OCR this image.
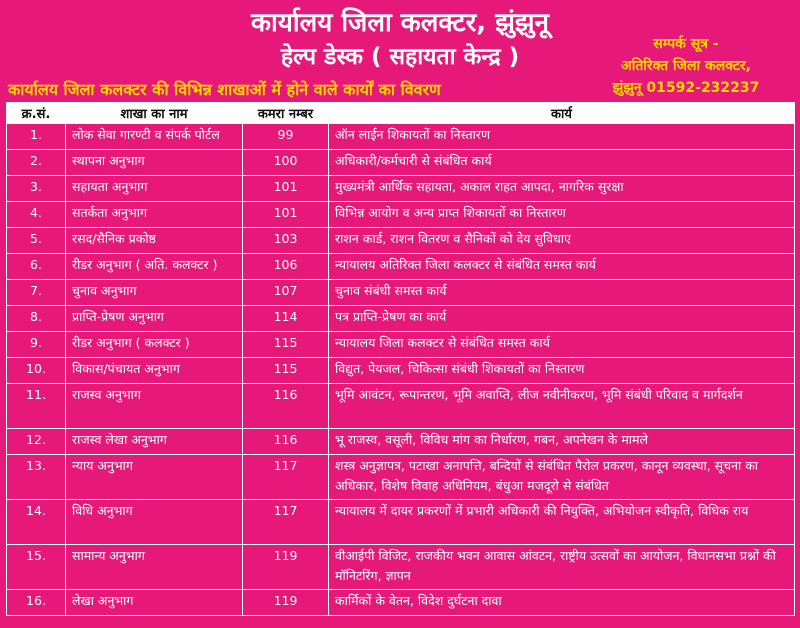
कार्यालय जिला कलक्टर, झुंझुनू
हेल्प डेस्क ( सहायता केन्द्र )	सम्पर्क सूत्र -
अतिरिक्त जिला कलक्टर,
झुंझुनू 01592-232237
कार्यालय जिला कलक्टर की विभिन्न शाखाओं में होने वाले कार्यों का विवरण
क्र.सं.	शाखा का नाम	कमरा नम्बर	कार्य
1.	लोक सेवा गारण्टी व संपर्क पोर्टल	99	ऑन लाईन शिकायतों का निस्तारण
2.	स्थापना अनुभाग	100	अधिकारी/कर्मचारी से संबंधित कार्य
3.	सहायता अनुभाग	101	मुख्यमंत्री आर्थिक सहायता, अकाल राहत आपदा, नागरिक सुरक्षा
4.	सतर्कता अनुभाग	101	विभिन्न आयोग व अन्य प्राप्त शिकायतों का निस्तारण
5.	रसद/सैनिक प्रकोष्ठ	103	राशन कार्ड, राशन वितरण व सैनिकों को देय सुविधाए
6.	रीडर अनुभाग ( अति. कलक्टर )	106	न्यायालय अतिरिक्त जिला कलक्टर से संबंधित समस्त कार्य
7.	चुनाव अनुभाग	107	चुनाव संबंधी समस्त कार्य
8.	प्राप्ति-प्रेषण अनुभाग	114	पत्र प्राप्ति-प्रेषण का कार्य
9.	रीडर अनुभाग ( कलक्टर )	115	न्यायालय जिला कलक्टर से संबंधित समस्त कार्य
10.	विकास/पंचायत अनुभाग	115	विद्युत, पेयजल, चिकित्सा संबंधी शिकायतों का निस्तारण
11.	राजस्व अनुभाग	116	भूमि आवंटन, रूपान्तरण, भूमि अवाप्ति, लीज नवीनीकरण, भूमि संबंधी परिवाद व मार्गदर्शन
12.	राजस्व लेखा अनुभाग	116	भू राजस्व, वसूली, विविध मांग का निर्धारण, गबन, अपनेखन के मामले
13.	न्याय अनुभाग	117	शस्त्र अनुज्ञापत्र, पटाखा अनापत्ति, बन्दियों से संबंधित पैरोल प्रकरण, कानून व्यवस्था, सूचना का अधिकार, विशेष विवाह अधिनियम, बंधुआ मजदूरो से संबंधित
14.	विधि अनुभाग	117	न्यायालय में दायर प्रकरणों में प्रभारी अधिकारी की नियुक्ति, अभियोजन स्वीकृति, विधिक राय
15.	सामान्य अनुभाग	119	वीआईपी विजिट, राजकीय भवन आवास आंवटन, राष्ट्रीय उत्सवों का आयोजन, विधानसभा प्रश्नों की मॉनिटरिंग, ज्ञापन
16.	लेखा अनुभाग	119	कार्मिकों के वेतन, विदेश दुर्घटना दावा
